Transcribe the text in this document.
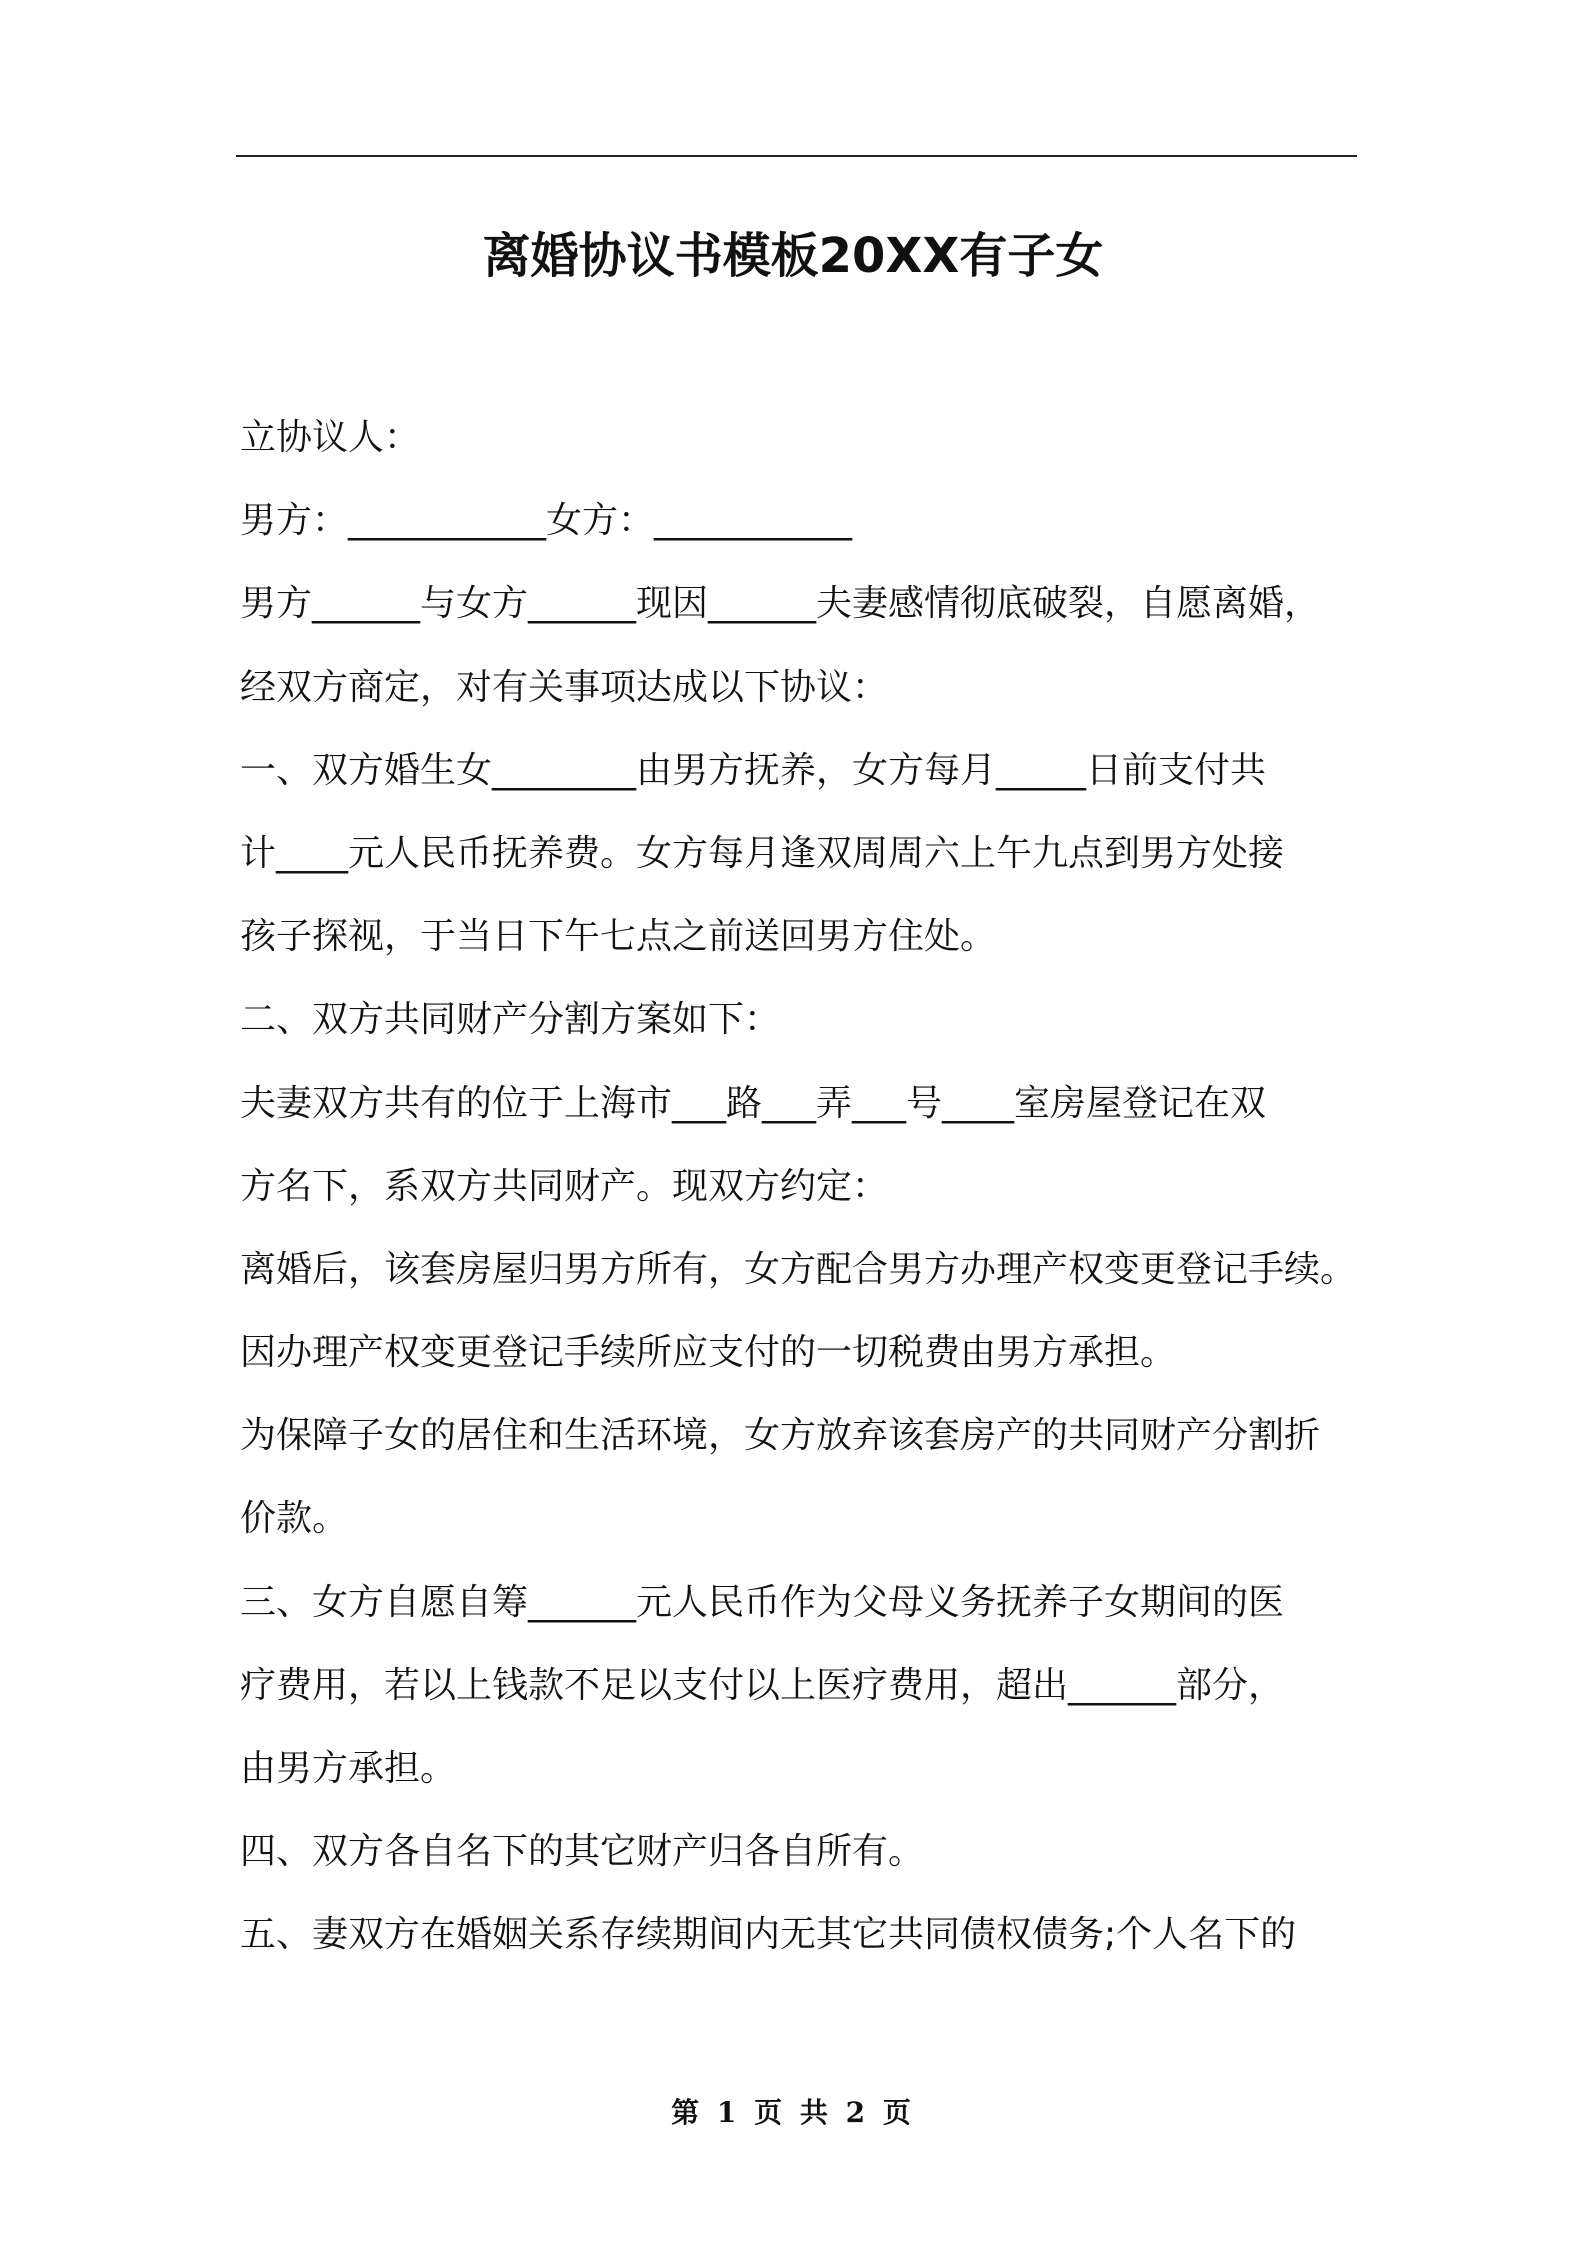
离婚协议书模板20XX有子女
立协议人：
男方：___________女方：___________
男方______与女方______现因______夫妻感情彻底破裂，自愿离婚，
经双方商定，对有关事项达成以下协议：
一、双方婚生女________由男方抚养，女方每月_____日前支付共
计____元人民币抚养费。女方每月逢双周周六上午九点到男方处接
孩子探视，于当日下午七点之前送回男方住处。
二、双方共同财产分割方案如下：
夫妻双方共有的位于上海市___路___弄___号____室房屋登记在双
方名下，系双方共同财产。现双方约定：
离婚后，该套房屋归男方所有，女方配合男方办理产权变更登记手续。
因办理产权变更登记手续所应支付的一切税费由男方承担。
为保障子女的居住和生活环境，女方放弃该套房产的共同财产分割折
价款。
三、女方自愿自筹______元人民币作为父母义务抚养子女期间的医
疗费用，若以上钱款不足以支付以上医疗费用，超出______部分，
由男方承担。
四、双方各自名下的其它财产归各自所有。
五、妻双方在婚姻关系存续期间内无其它共同债权债务;个人名下的
第 1 页 共 2 页
